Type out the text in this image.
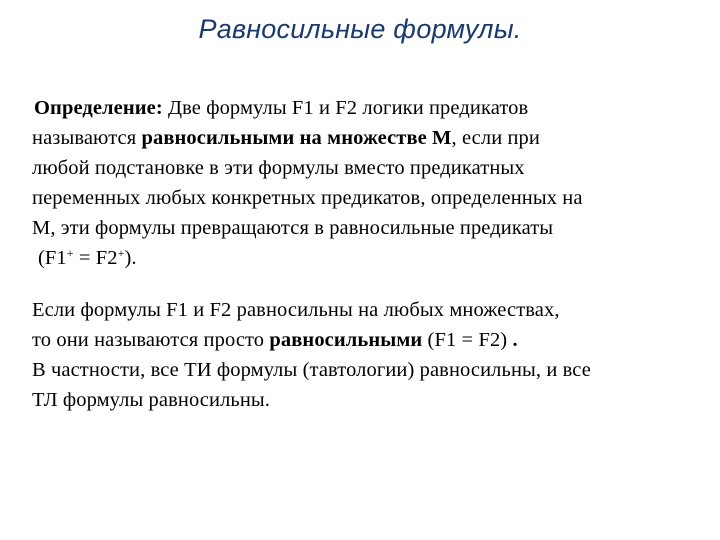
Равносильные формулы.
Определение: Две формулы F1 и F2 логики предикатов
называются равносильными на множестве М, если при
любой подстановке в эти формулы вместо предикатных
переменных любых конкретных предикатов, определенных на
М, эти формулы превращаются в равносильные предикаты
(F1+ = F2+).
Если формулы F1 и F2 равносильны на любых множествах,
то они называются просто равносильными (F1 = F2) .
В частности, все ТИ формулы (тавтологии) равносильны, и все
ТЛ формулы равносильны.
